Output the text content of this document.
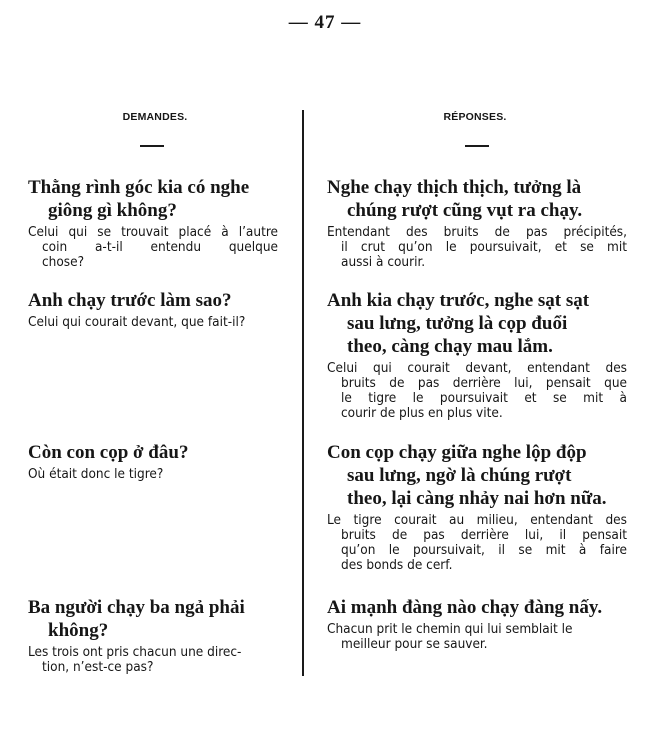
— 47 —
DEMANDES.	RÉPONSES.

Thằng rình góc kia có nghe
giông gì không?

Celui qui se trouvait placé à l’autre
coin a-t-il entendu quelque
chose?

Anh chạy trước làm sao?

Celui qui courait devant, que fait-il?

Còn con cọp ở đâu?

Où était donc le tigre?

Ba người chạy ba ngả phải
không?

Les trois ont pris chacun une direc-
tion, n’est-ce pas?

Nghe chạy thịch thịch, tưởng là
chúng rượt cũng vụt ra chạy.

Entendant des bruits de pas précipités,
il crut qu’on le poursuivait, et se mit
aussi à courir.

Anh kia chạy trước, nghe sạt sạt
sau lưng, tưởng là cọp đuổi
theo, càng chạy mau lắm.

Celui qui courait devant, entendant des
bruits de pas derrière lui, pensait que
le tigre le poursuivait et se mit à
courir de plus en plus vite.

Con cọp chạy giữa nghe lộp độp
sau lưng, ngờ là chúng rượt
theo, lại càng nhảy nai hơn nữa.

Le tigre courait au milieu, entendant des
bruits de pas derrière lui, il pensait
qu’on le poursuivait, il se mit à faire
des bonds de cerf.

Ai mạnh đàng nào chạy đàng nấy.

Chacun prit le chemin qui lui semblait le
meilleur pour se sauver.
